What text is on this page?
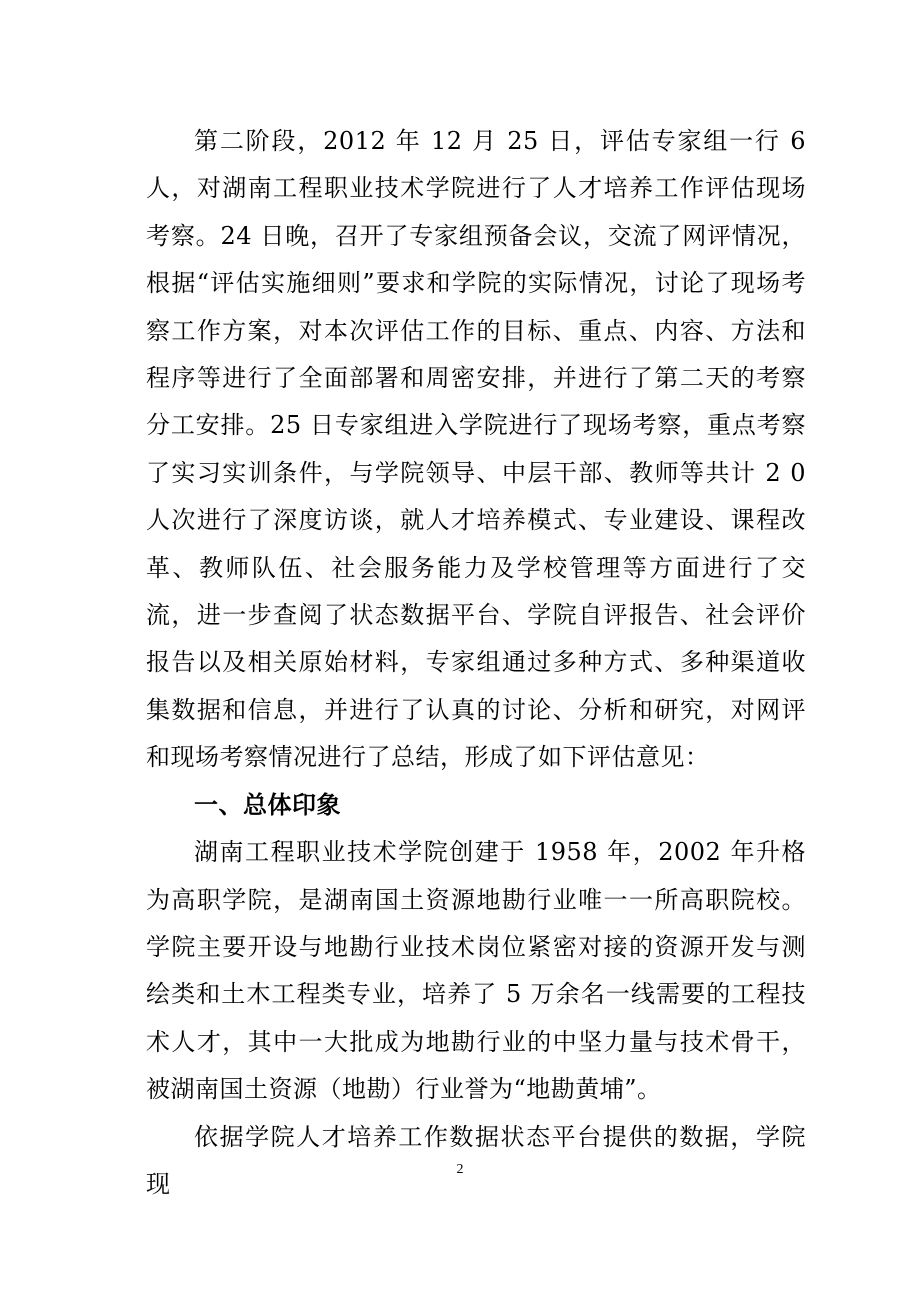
第二阶段，2012 年 12 月 25 日，评估专家组一行 6 人，对湖南工程职业技术学院进行了人才培养工作评估现场考察。24 日晚，召开了专家组预备会议，交流了网评情况，根据“评估实施细则”要求和学院的实际情况，讨论了现场考察工作方案，对本次评估工作的目标、重点、内容、方法和程序等进行了全面部署和周密安排，并进行了第二天的考察分工安排。25 日专家组进入学院进行了现场考察，重点考察了实习实训条件，与学院领导、中层干部、教师等共计 2 0 人次进行了深度访谈，就人才培养模式、专业建设、课程改革、教师队伍、社会服务能力及学校管理等方面进行了交流，进一步查阅了状态数据平台、学院自评报告、社会评价报告以及相关原始材料，专家组通过多种方式、多种渠道收集数据和信息，并进行了认真的讨论、分析和研究，对网评和现场考察情况进行了总结，形成了如下评估意见：

一、总体印象

湖南工程职业技术学院创建于 1958 年，2002 年升格为高职学院，是湖南国土资源地勘行业唯一一所高职院校。学院主要开设与地勘行业技术岗位紧密对接的资源开发与测绘类和土木工程类专业，培养了 5 万余名一线需要的工程技术人才，其中一大批成为地勘行业的中坚力量与技术骨干，被湖南国土资源（地勘）行业誉为“地勘黄埔”。

依据学院人才培养工作数据状态平台提供的数据，学院现

2
